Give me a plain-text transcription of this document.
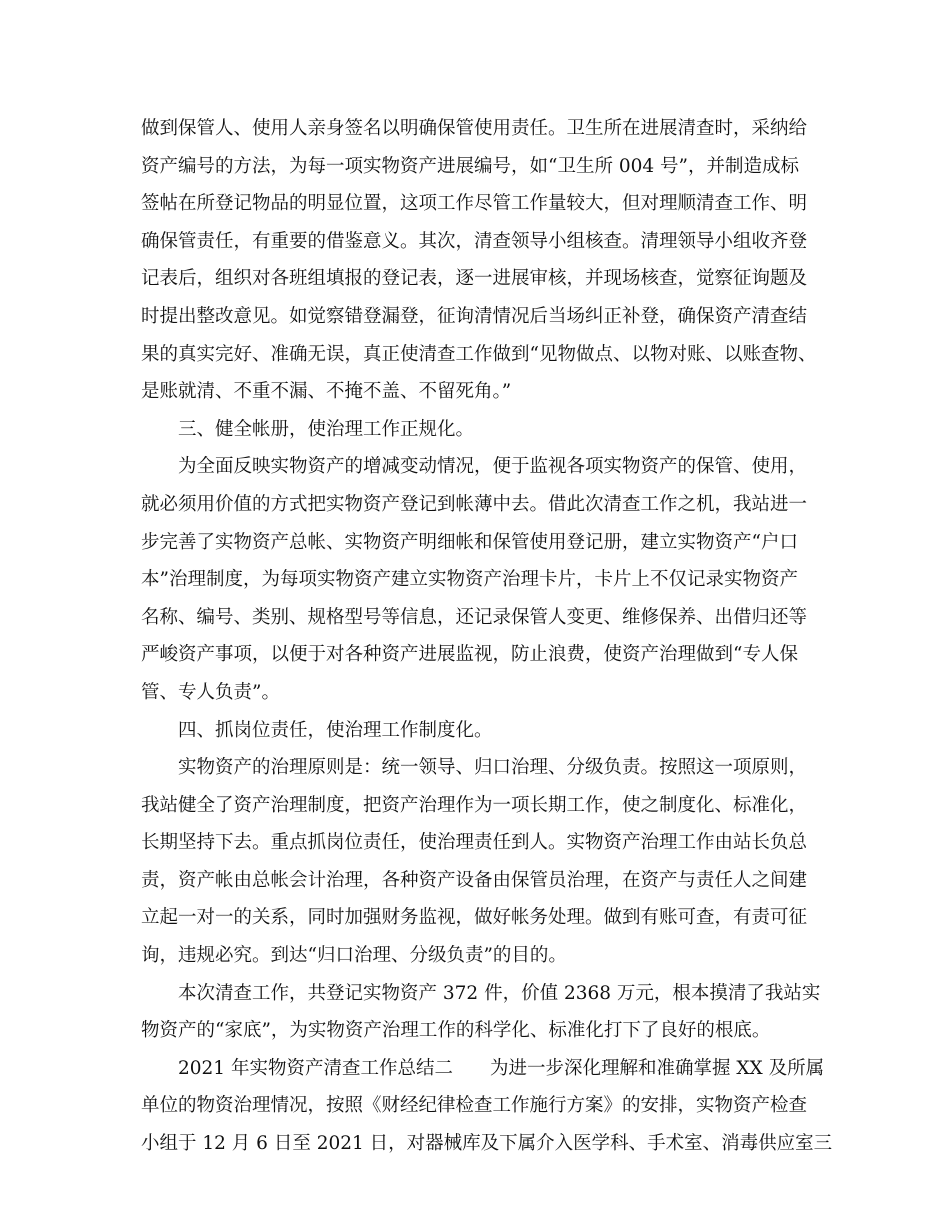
做到保管人、使用人亲身签名以明确保管使用责任。卫生所在进展清查时，采纳给
资产编号的方法，为每一项实物资产进展编号，如“卫生所 004 号”，并制造成标
签帖在所登记物品的明显位置，这项工作尽管工作量较大，但对理顺清查工作、明
确保管责任，有重要的借鉴意义。其次，清查领导小组核查。清理领导小组收齐登
记表后，组织对各班组填报的登记表，逐一进展审核，并现场核查，觉察征询题及
时提出整改意见。如觉察错登漏登，征询清情况后当场纠正补登，确保资产清查结
果的真实完好、准确无误，真正使清查工作做到“见物做点、以物对账、以账查物、
是账就清、不重不漏、不掩不盖、不留死角。”
三、健全帐册，使治理工作正规化。
为全面反映实物资产的增减变动情况，便于监视各项实物资产的保管、使用，
就必须用价值的方式把实物资产登记到帐薄中去。借此次清查工作之机，我站进一
步完善了实物资产总帐、实物资产明细帐和保管使用登记册，建立实物资产“户口
本”治理制度，为每项实物资产建立实物资产治理卡片，卡片上不仅记录实物资产
名称、编号、类别、规格型号等信息，还记录保管人变更、维修保养、出借归还等
严峻资产事项，以便于对各种资产进展监视，防止浪费，使资产治理做到“专人保
管、专人负责”。
四、抓岗位责任，使治理工作制度化。
实物资产的治理原则是：统一领导、归口治理、分级负责。按照这一项原则，
我站健全了资产治理制度，把资产治理作为一项长期工作，使之制度化、标准化，
长期坚持下去。重点抓岗位责任，使治理责任到人。实物资产治理工作由站长负总
责，资产帐由总帐会计治理，各种资产设备由保管员治理，在资产与责任人之间建
立起一对一的关系，同时加强财务监视，做好帐务处理。做到有账可查，有责可征
询，违规必究。到达“归口治理、分级负责”的目的。
本次清查工作，共登记实物资产 372 件，价值 2368 万元，根本摸清了我站实
物资产的“家底”，为实物资产治理工作的科学化、标准化打下了良好的根底。
2021 年实物资产清查工作总结二　　为进一步深化理解和准确掌握 XX 及所属
单位的物资治理情况，按照《财经纪律检查工作施行方案》的安排，实物资产检查
小组于 12 月 6 日至 2021 日，对器械库及下属介入医学科、手术室、消毒供应室三
